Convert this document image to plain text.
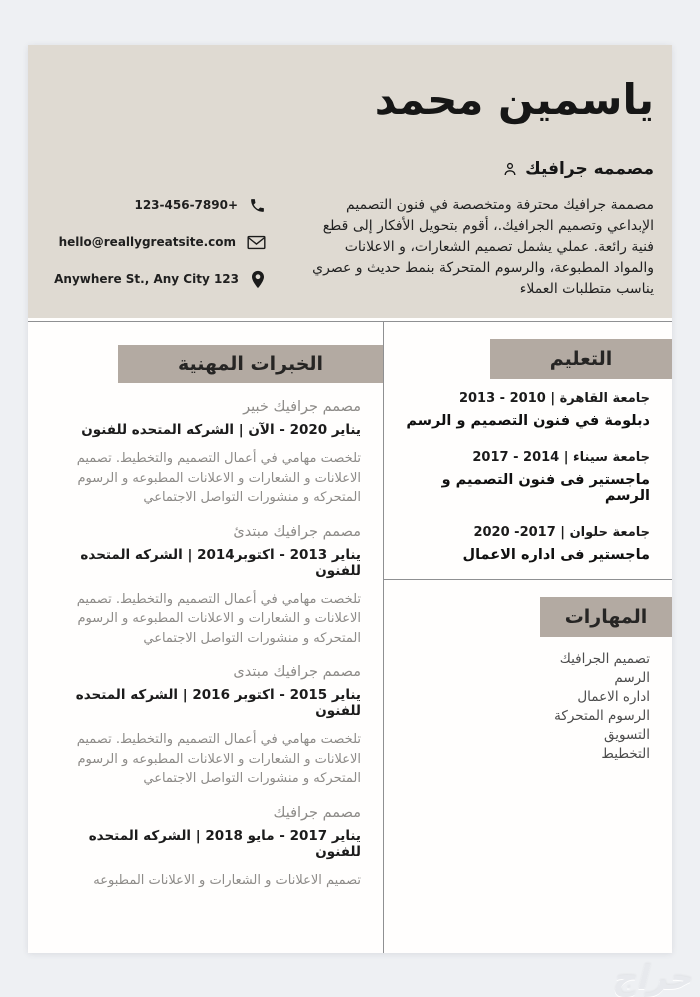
ياسمين محمد
مصممه جرافيك
123-456-7890+
hello@reallygreatsite.com
Anywhere St., Any City 123
مصممة جرافيك محترفة ومتخصصة في فنون التصميم الإبداعي وتصميم الجرافيك.، أقوم بتحويل الأفكار إلى قطع فنية رائعة. عملي يشمل تصميم الشعارات، و الاعلانات والمواد المطبوعة، والرسوم المتحركة بنمط حديث و عصري يناسب متطلبات العملاء
الخبرات المهنية
مصمم جرافيك خبير
يناير 2020 - الآن | الشركه المتحده للفنون
تلخصت مهامي في أعمال التصميم والتخطيط. تصميم الاعلانات و الشعارات و الاعلانات المطبوعه و الرسوم المتحركه و منشورات التواصل الاجتماعي
مصمم جرافيك مبتدئ
يناير 2013 - اكتوبر2014 | الشركه المتحده للفنون
تلخصت مهامي في أعمال التصميم والتخطيط. تصميم الاعلانات و الشعارات و الاعلانات المطبوعه و الرسوم المتحركه و منشورات التواصل الاجتماعي
مصمم جرافيك مبتدى
يناير 2015 - اكتوبر 2016 | الشركه المتحده للفنون
تلخصت مهامي في أعمال التصميم والتخطيط. تصميم الاعلانات و الشعارات و الاعلانات المطبوعه و الرسوم المتحركه و منشورات التواصل الاجتماعي
مصمم جرافيك
يناير 2017 - مايو 2018 | الشركه المتحده للفنون
تصميم الاعلانات و الشعارات و الاعلانات المطبوعه
التعليم
جامعة القاهرة | 2010 - 2013
دبلومة في فنون التصميم و الرسم
جامعة سيناء | 2014 - 2017
ماجستير فى فنون التصميم و الرسم
جامعة حلوان | 2017- 2020
ماجستير فى اداره الاعمال
المهارات
تصميم الجرافيك
الرسم
اداره الاعمال
الرسوم المتحركة
التسويق
التخطيط
حراج
